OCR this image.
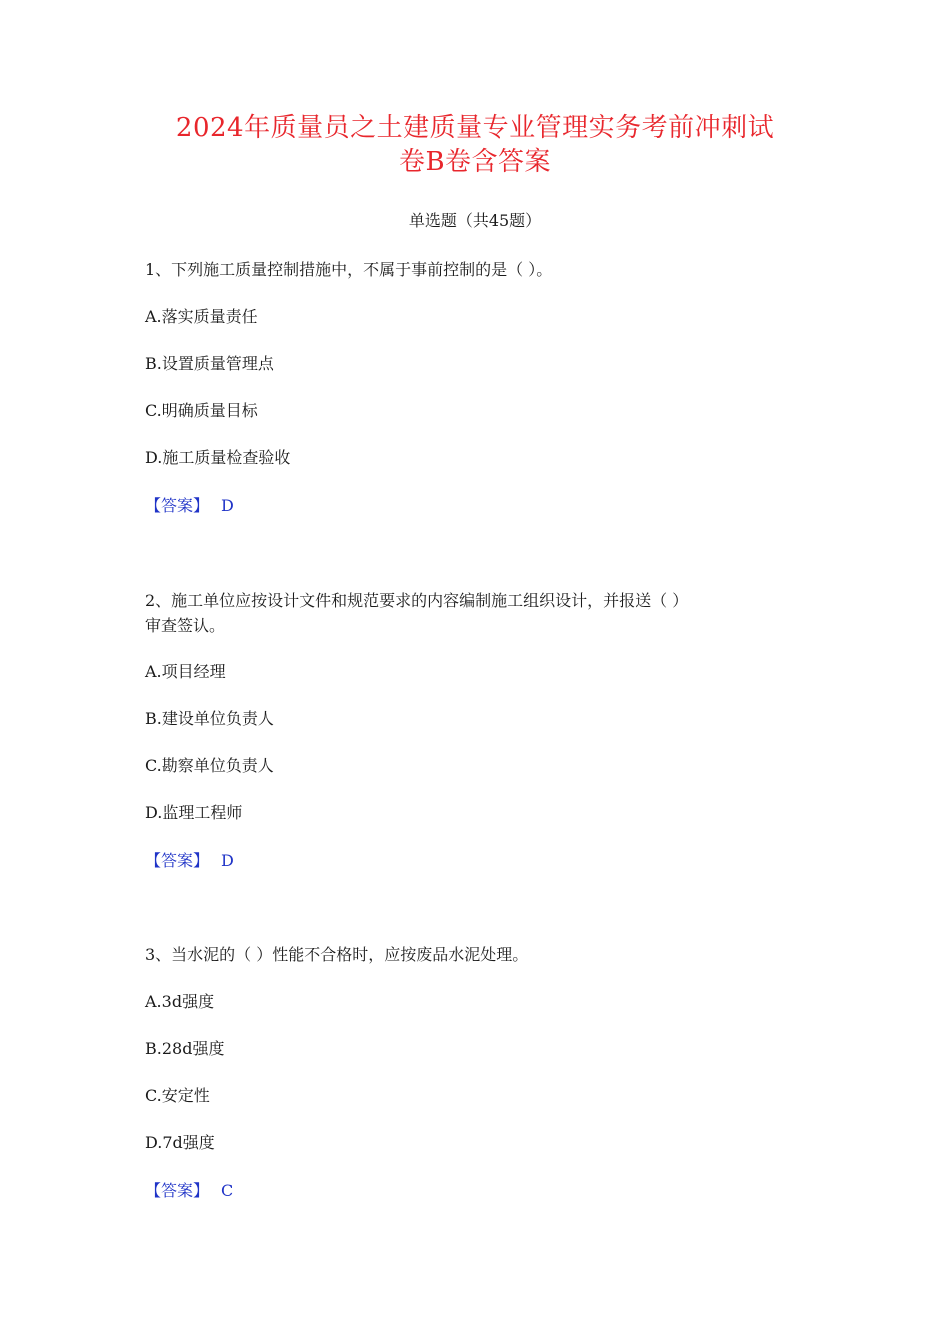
2024年质量员之土建质量专业管理实务考前冲刺试
卷B卷含答案
单选题（共45题）
1、下列施工质量控制措施中，不属于事前控制的是（ ）。
A.落实质量责任
B.设置质量管理点
C.明确质量目标
D.施工质量检查验收
【答案】 D
2、施工单位应按设计文件和规范要求的内容编制施工组织设计，并报送（ ）
审查签认。
A.项目经理
B.建设单位负责人
C.勘察单位负责人
D.监理工程师
【答案】 D
3、当水泥的（ ）性能不合格时，应按废品水泥处理。
A.3d强度
B.28d强度
C.安定性
D.7d强度
【答案】 C
